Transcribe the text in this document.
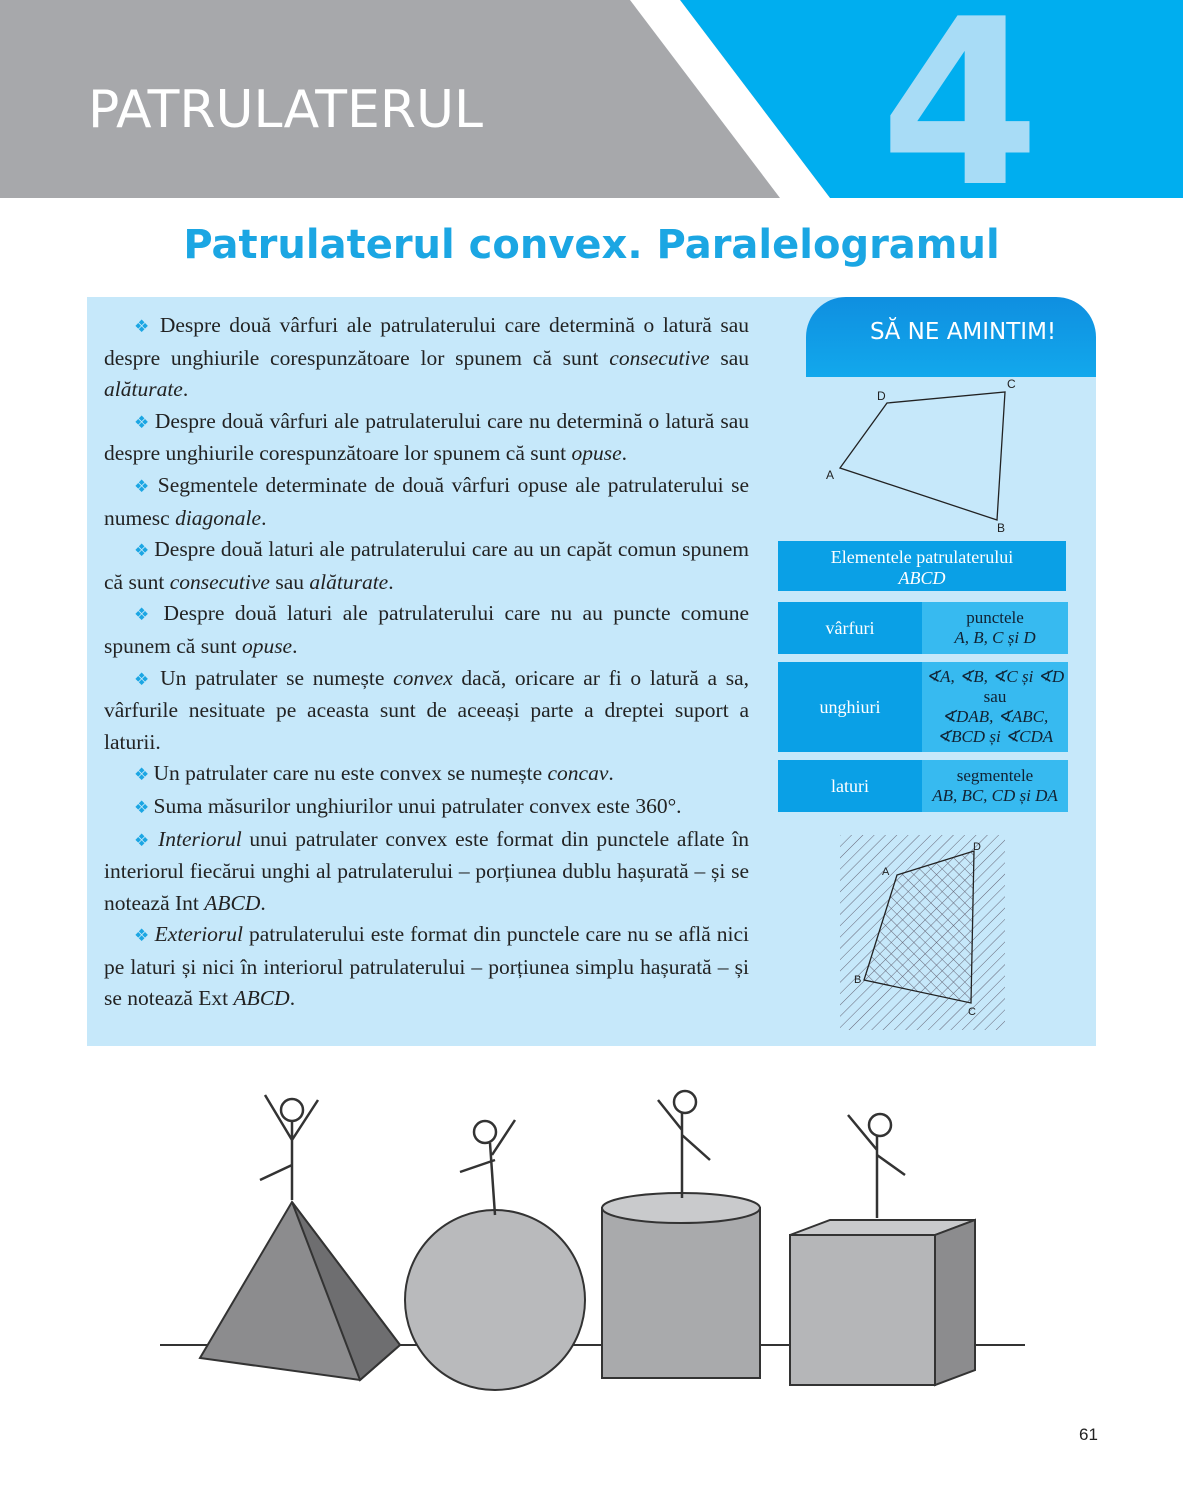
PATRULATERUL 4
Patrulaterul convex. Paralelogramul

❖ Despre două vârfuri ale patrulaterului care determină o latură sau despre unghiurile corespunzătoare lor spunem că sunt consecutive sau alăturate.

❖ Despre două vârfuri ale patrulaterului care nu determină o latură sau despre unghiurile corespunzătoare lor spunem că sunt opuse.

❖ Segmentele determinate de două vârfuri opuse ale patrulaterului se numesc diagonale.

❖ Despre două laturi ale patrulaterului care au un capăt comun spunem că sunt consecutive sau alăturate.

❖ Despre două laturi ale patrulaterului care nu au puncte comune spunem că sunt opuse.

❖ Un patrulater se numește convex dacă, oricare ar fi o latură a sa, vârfurile nesituate pe aceasta sunt de aceeași parte a dreptei suport a laturii.

❖ Un patrulater care nu este convex se numește concav.

❖ Suma măsurilor unghiurilor unui patrulater convex este 360°.

❖ Interiorul unui patrulater convex este format din punctele aflate în interiorul fiecărui unghi al patrulaterului – porțiunea dublu hașurată – și se notează Int ABCD.

❖ Exteriorul patrulaterului este format din punctele care nu se află nici pe laturi și nici în interiorul patrulaterului – porțiunea simplu hașurată – și se notează Ext ABCD.

SĂ NE AMINTIM!
A
D
C
B
Elementele patrulaterului
ABCD
vârfuri
punctele
A, B, C și D
unghiuri
∢A, ∢B, ∢C și ∢D
sau
∢DAB, ∢ABC,
∢BCD și ∢CDA
laturi
segmentele
AB, BC, CD și DA
A
D
C
B
61
